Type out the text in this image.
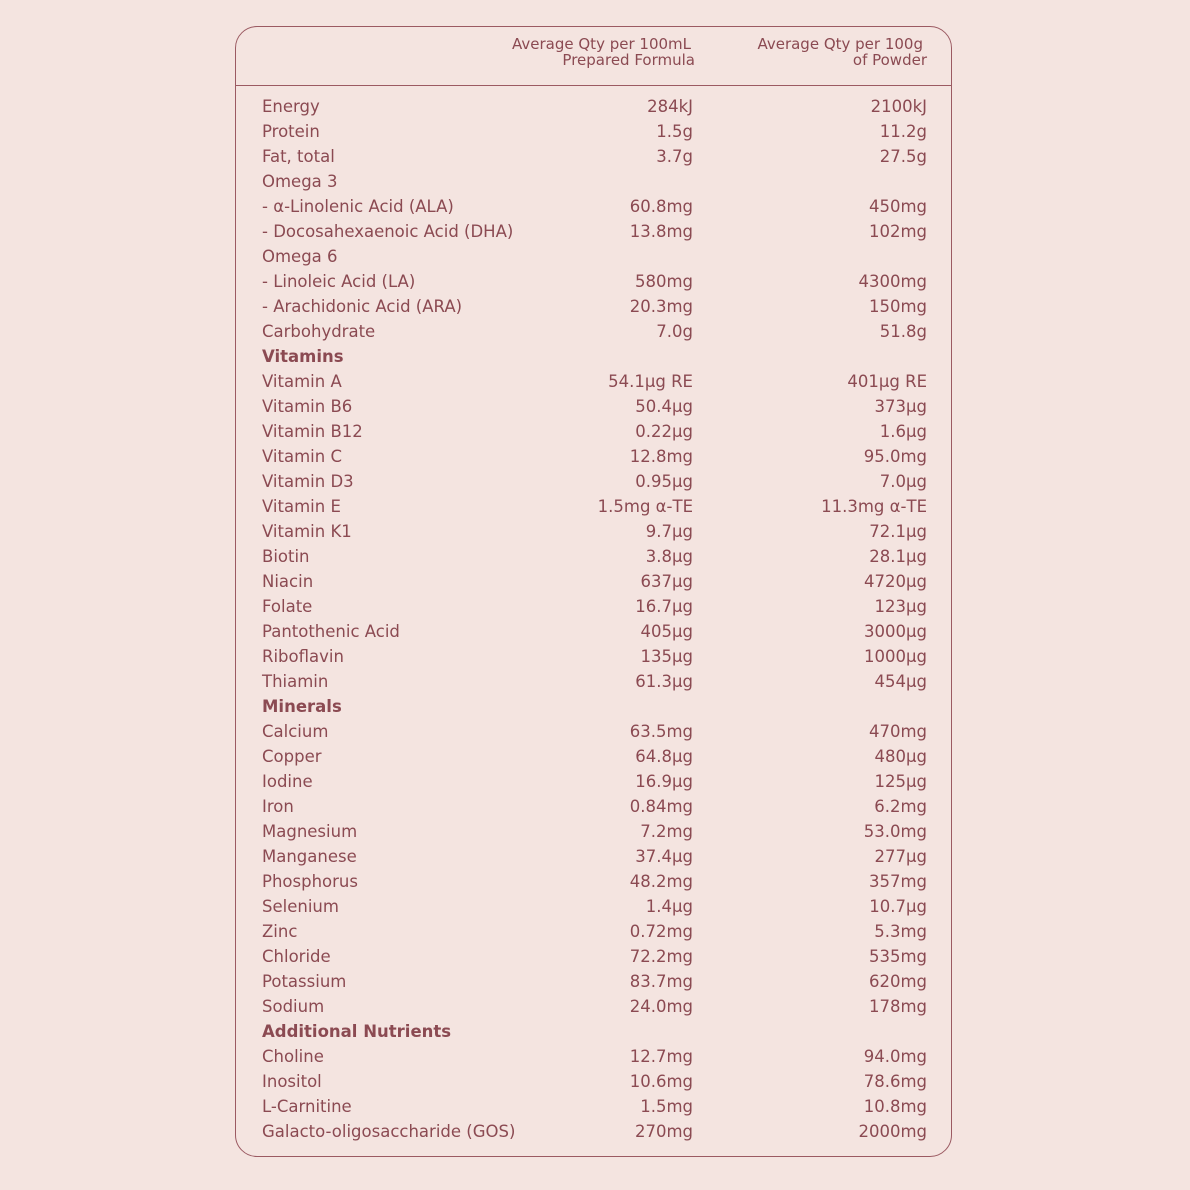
Average Qty per 100mL
Prepared Formula
Average Qty per 100g
of Powder
Energy	284kJ	2100kJ
Protein	1.5g	11.2g
Fat, total	3.7g	27.5g
Omega 3
- α-Linolenic Acid (ALA)	60.8mg	450mg
- Docosahexaenoic Acid (DHA)	13.8mg	102mg
Omega 6
- Linoleic Acid (LA)	580mg	4300mg
- Arachidonic Acid (ARA)	20.3mg	150mg
Carbohydrate	7.0g	51.8g
Vitamins
Vitamin A	54.1μg RE	401μg RE
Vitamin B6	50.4μg	373μg
Vitamin B12	0.22μg	1.6μg
Vitamin C	12.8mg	95.0mg
Vitamin D3	0.95μg	7.0μg
Vitamin E	1.5mg α-TE	11.3mg α-TE
Vitamin K1	9.7μg	72.1μg
Biotin	3.8μg	28.1μg
Niacin	637μg	4720μg
Folate	16.7μg	123μg
Pantothenic Acid	405μg	3000μg
Riboflavin	135μg	1000μg
Thiamin	61.3μg	454μg
Minerals
Calcium	63.5mg	470mg
Copper	64.8μg	480μg
Iodine	16.9μg	125μg
Iron	0.84mg	6.2mg
Magnesium	7.2mg	53.0mg
Manganese	37.4μg	277μg
Phosphorus	48.2mg	357mg
Selenium	1.4μg	10.7μg
Zinc	0.72mg	5.3mg
Chloride	72.2mg	535mg
Potassium	83.7mg	620mg
Sodium	24.0mg	178mg
Additional Nutrients
Choline	12.7mg	94.0mg
Inositol	10.6mg	78.6mg
L-Carnitine	1.5mg	10.8mg
Galacto-oligosaccharide (GOS)	270mg	2000mg
